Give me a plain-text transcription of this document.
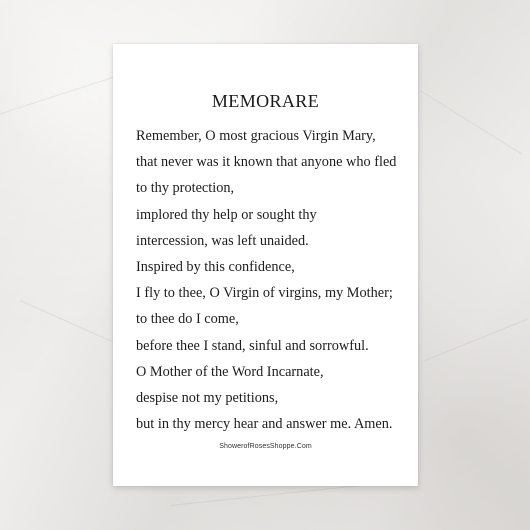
MEMORARE
Remember, O most gracious Virgin Mary,
that never was it known that anyone who fled
to thy protection,
implored thy help or sought thy
intercession, was left unaided.
Inspired by this confidence,
I fly to thee, O Virgin of virgins, my Mother;
to thee do I come,
before thee I stand, sinful and sorrowful.
O Mother of the Word Incarnate,
despise not my petitions,
but in thy mercy hear and answer me. Amen.
ShowerofRosesShoppe.Com
